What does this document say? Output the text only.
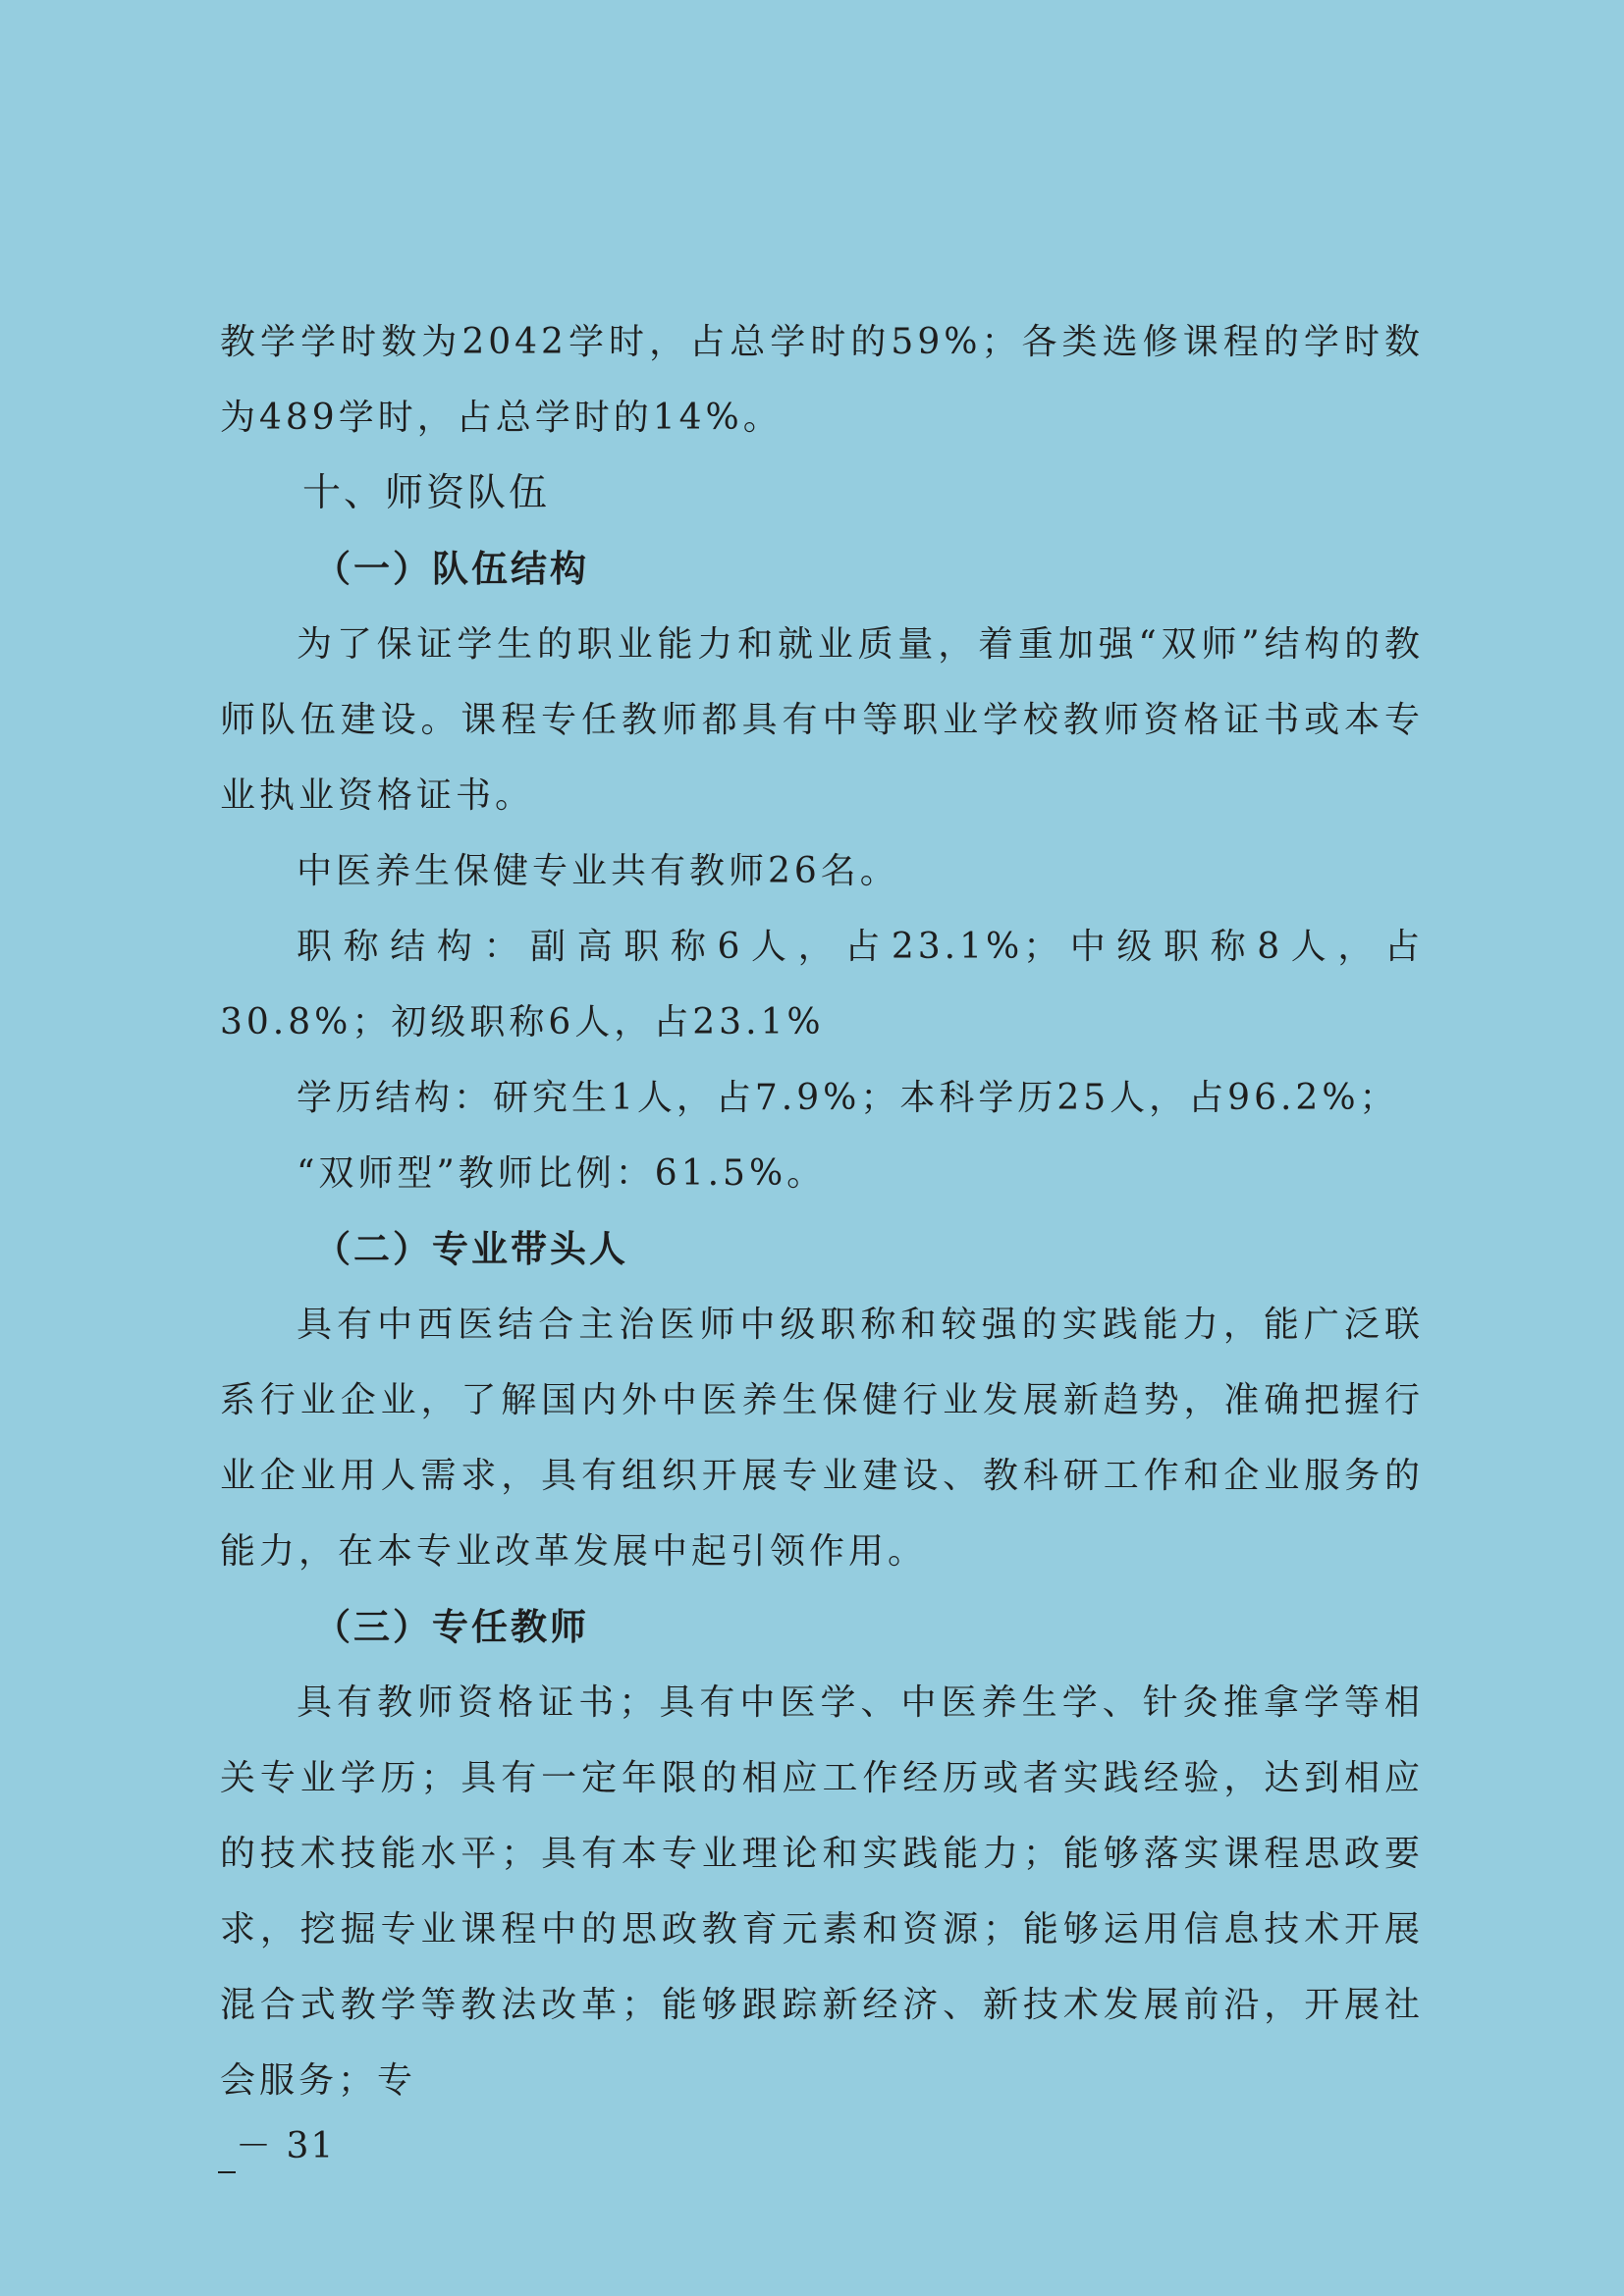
教学学时数为2042学时，占总学时的59%；各类选修课程的学时数为489学时，占总学时的14%。

十、师资队伍
（一）队伍结构

为了保证学生的职业能力和就业质量，着重加强“双师”结构的教师队伍建设。课程专任教师都具有中等职业学校教师资格证书或本专业执业资格证书。

中医养生保健专业共有教师26名。

职称结构：副高职称6人，占23.1%；中级职称8人，占30.8%；初级职称6人，占23.1%

学历结构：研究生1人，占7.9%；本科学历25人，占96.2%；

“双师型”教师比例：61.5%。

（二）专业带头人

具有中西医结合主治医师中级职称和较强的实践能力，能广泛联系行业企业，了解国内外中医养生保健行业发展新趋势，准确把握行业企业用人需求，具有组织开展专业建设、教科研工作和企业服务的能力，在本专业改革发展中起引领作用。

（三）专任教师

具有教师资格证书；具有中医学、中医养生学、针灸推拿学等相关专业学历；具有一定年限的相应工作经历或者实践经验，达到相应的技术技能水平；具有本专业理论和实践能力；能够落实课程思政要求，挖掘专业课程中的思政教育元素和资源；能够运用信息技术开展混合式教学等教法改革；能够跟踪新经济、新技术发展前沿，开展社会服务；专

－ 31
